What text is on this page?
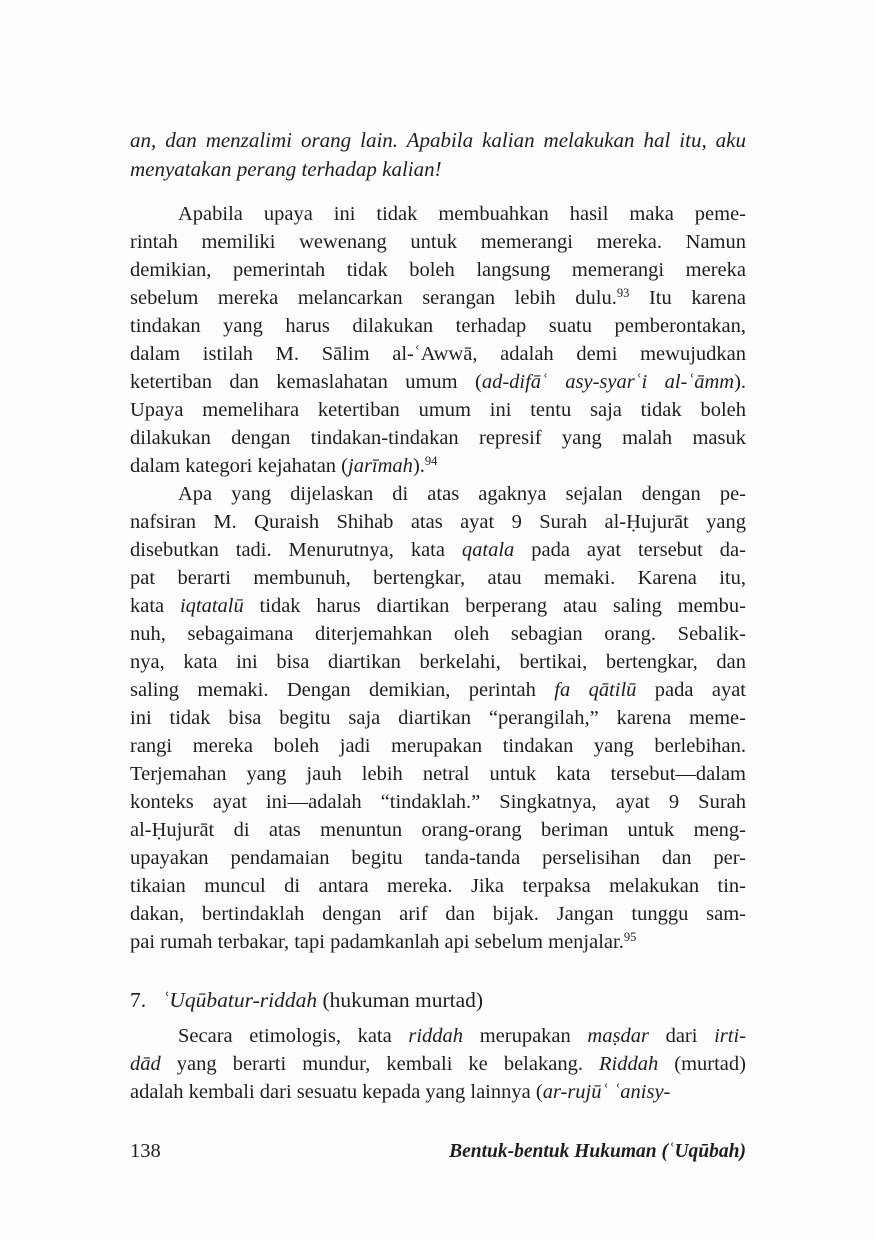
an, dan menzalimi orang lain. Apabila kalian melakukan hal itu, aku
menyatakan perang terhadap kalian!
Apabila upaya ini tidak membuahkan hasil maka peme-
rintah memiliki wewenang untuk memerangi mereka. Namun
demikian, pemerintah tidak boleh langsung memerangi mereka
sebelum mereka melancarkan serangan lebih dulu.$^{93}$ Itu karena
tindakan yang harus dilakukan terhadap suatu pemberontakan,
dalam istilah M. Sālim al-ʿAwwā, adalah demi mewujudkan
ketertiban dan kemaslahatan umum (ad-difāʿ asy-syarʿi al-ʿāmm).
Upaya memelihara ketertiban umum ini tentu saja tidak boleh
dilakukan dengan tindakan-tindakan represif yang malah masuk
dalam kategori kejahatan (jarīmah).$^{94}$
Apa yang dijelaskan di atas agaknya sejalan dengan pe-
nafsiran M. Quraish Shihab atas ayat 9 Surah al-Ḥujurāt yang
disebutkan tadi. Menurutnya, kata qatala pada ayat tersebut da-
pat berarti membunuh, bertengkar, atau memaki. Karena itu,
kata iqtatalū tidak harus diartikan berperang atau saling membu-
nuh, sebagaimana diterjemahkan oleh sebagian orang. Sebalik-
nya, kata ini bisa diartikan berkelahi, bertikai, bertengkar, dan
saling memaki. Dengan demikian, perintah fa qātilū pada ayat
ini tidak bisa begitu saja diartikan “perangilah,” karena meme-
rangi mereka boleh jadi merupakan tindakan yang berlebihan.
Terjemahan yang jauh lebih netral untuk kata tersebut—dalam
konteks ayat ini—adalah “tindaklah.” Singkatnya, ayat 9 Surah
al-Ḥujurāt di atas menuntun orang-orang beriman untuk meng-
upayakan pendamaian begitu tanda-tanda perselisihan dan per-
tikaian muncul di antara mereka. Jika terpaksa melakukan tin-
dakan, bertindaklah dengan arif dan bijak. Jangan tunggu sam-
pai rumah terbakar, tapi padamkanlah api sebelum menjalar.$^{95}$
7.   ʿUqūbatur-riddah (hukuman murtad)
Secara etimologis, kata riddah merupakan maṣdar dari irti-
dād yang berarti mundur, kembali ke belakang. Riddah (murtad)
adalah kembali dari sesuatu kepada yang lainnya (ar-rujūʿ ʿanisy-
138	Bentuk-bentuk Hukuman (ʿUqūbah)
